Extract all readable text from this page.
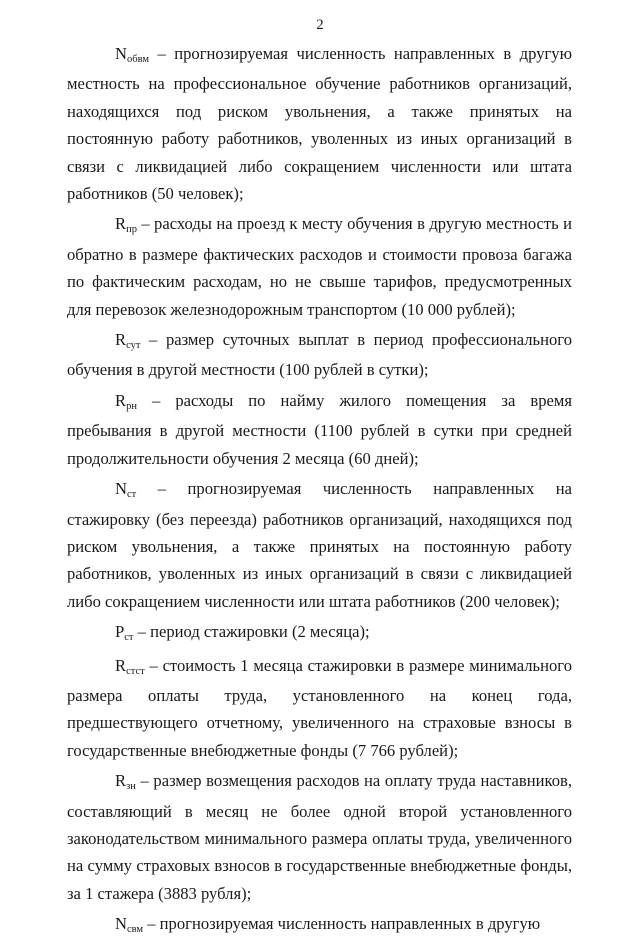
2

Nобвм – прогнозируемая численность направленных в другую местность на профессиональное обучение работников организаций, находящихся под риском увольнения, а также принятых на постоянную работу работников, уволенных из иных организаций в связи с ликвидацией либо сокращением численности или штата работников (50 человек);

Rпр – расходы на проезд к месту обучения в другую местность и обратно в размере фактических расходов и стоимости провоза багажа по фактическим расходам, но не свыше тарифов, предусмотренных для перевозок железнодорожным транспортом (10 000 рублей);

Rсут – размер суточных выплат в период профессионального обучения в другой местности (100 рублей в сутки);

Rрн – расходы по найму жилого помещения за время пребывания в другой местности (1100 рублей в сутки при средней продолжительности обучения 2 месяца (60 дней);

Nст – прогнозируемая численность направленных на стажировку (без переезда) работников организаций, находящихся под риском увольнения, а также принятых на постоянную работу работников, уволенных из иных организаций в связи с ликвидацией либо сокращением численности или штата работников (200 человек);

Pст – период стажировки (2 месяца);

Rстст – стоимость 1 месяца стажировки в размере минимального размера оплаты труда, установленного на конец года, предшествующего отчетному, увеличенного на страховые взносы в государственные внебюджетные фонды (7 766 рублей);

Rзн – размер возмещения расходов на оплату труда наставников, составляющий в месяц не более одной второй установленного законодательством минимального размера оплаты труда, увеличенного на сумму страховых взносов в государственные внебюджетные фонды, за 1 стажера (3883 рубля);

Nсвм – прогнозируемая численность направленных в другую
